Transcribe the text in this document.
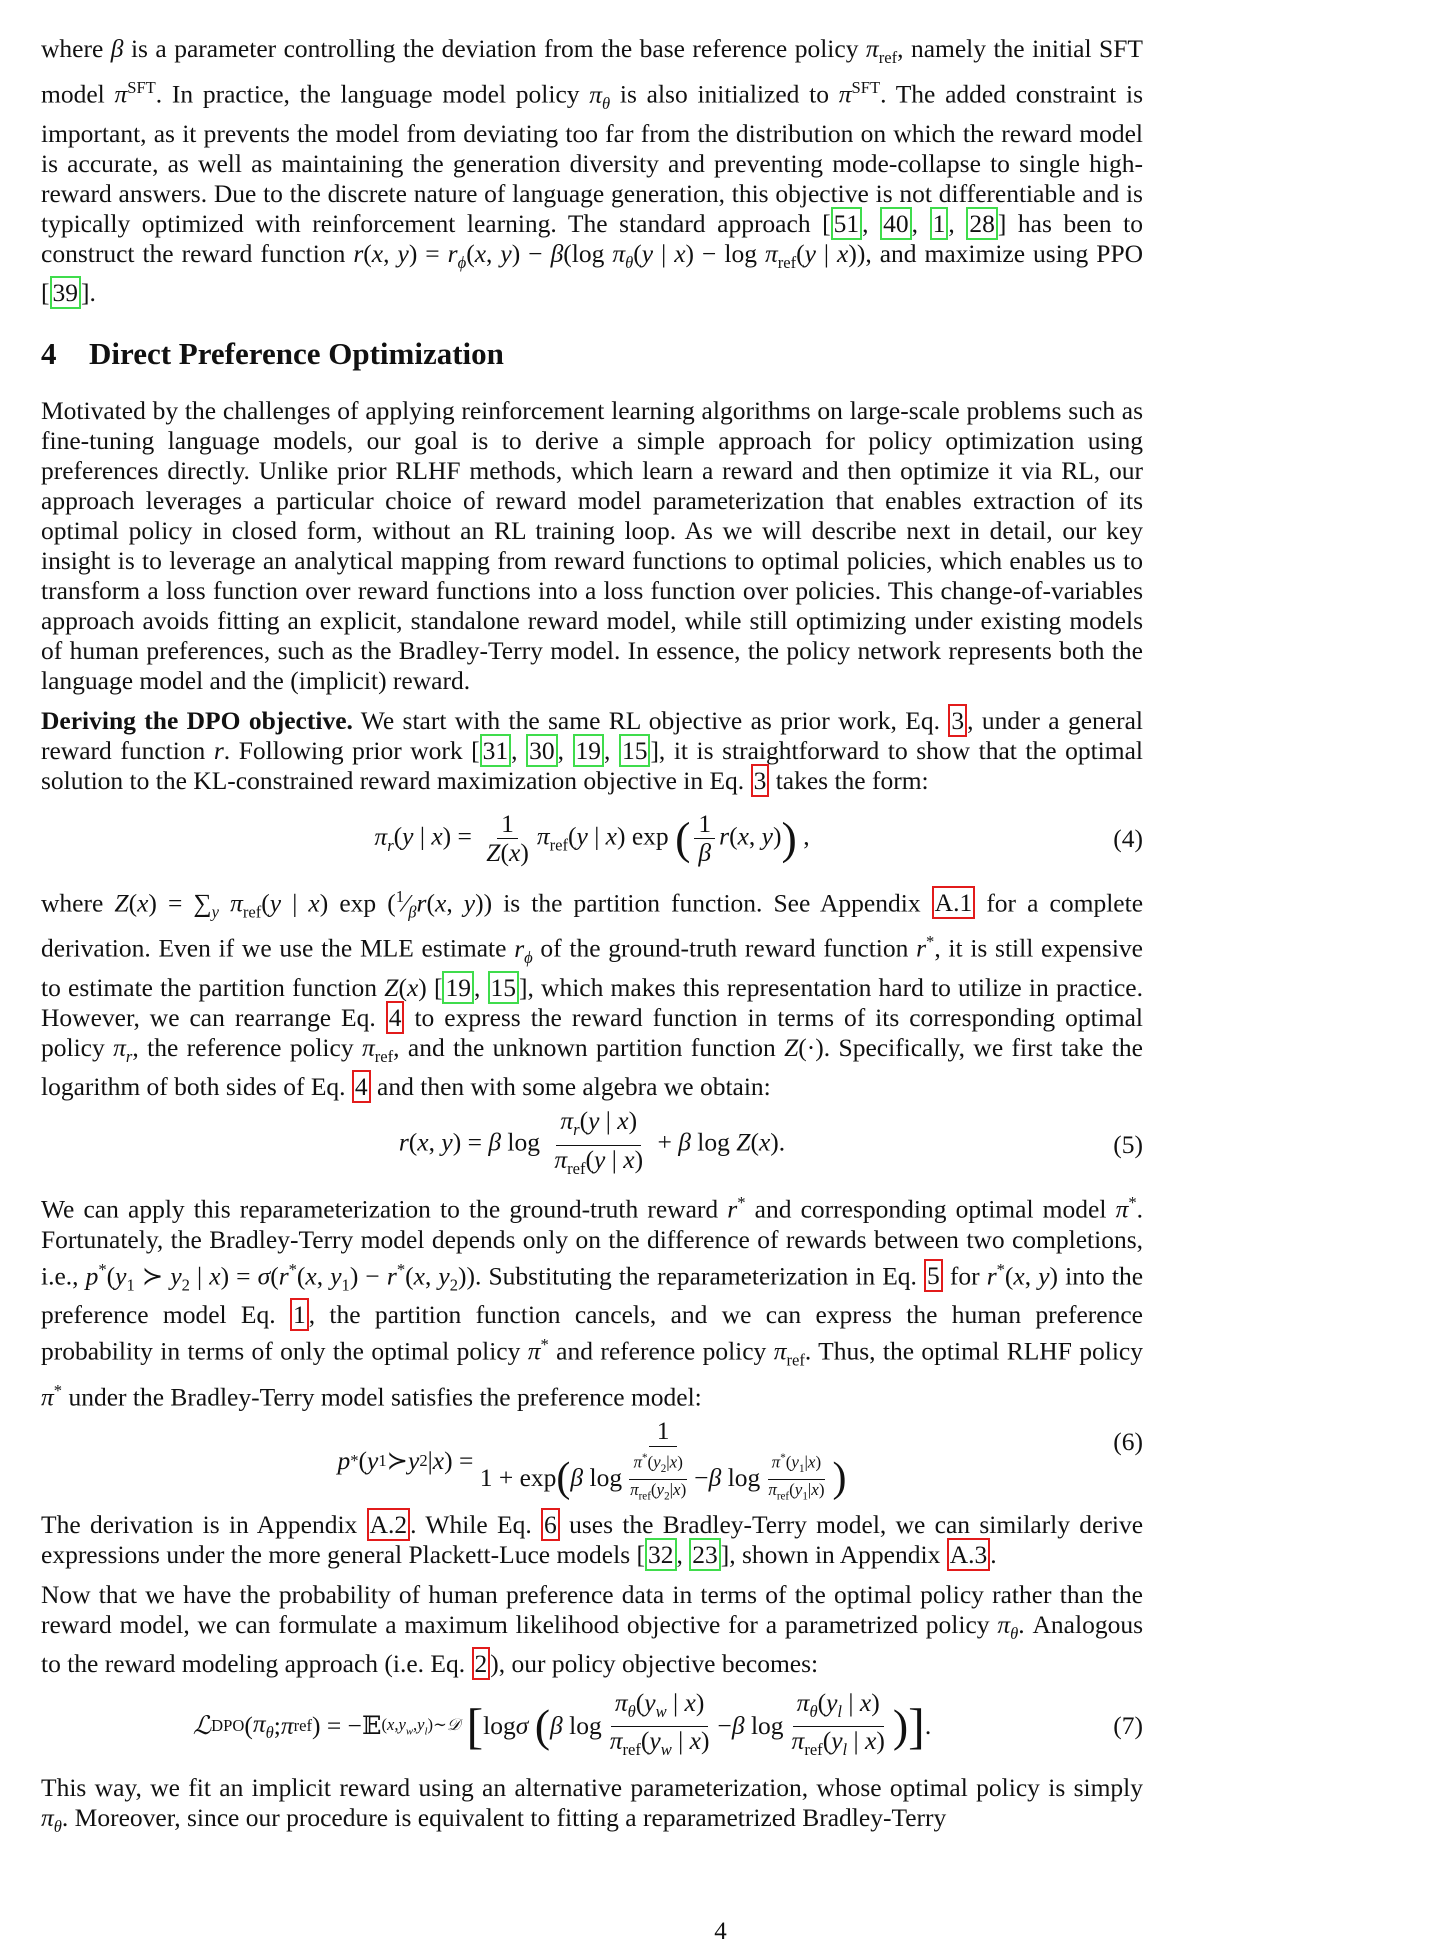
where β is a parameter controlling the deviation from the base reference policy $\pi_{ref}$, namely the initial SFT model $\pi^{SFT}$. In practice, the language model policy $\pi_\theta$ is also initialized to $\pi^{SFT}$. The added constraint is important, as it prevents the model from deviating too far from the distribution on which the reward model is accurate, as well as maintaining the generation diversity and preventing mode-collapse to single high-reward answers. Due to the discrete nature of language generation, this objective is not differentiable and is typically optimized with reinforcement learning. The standard approach [ 51 , 40 , 1 , 28 ] has been to construct the reward function r(x, $y) = r_\phi(x$, y) − β(log $\pi_\theta(y$ | $x) - \log \pi_{ref}(y$ | x)), and maximize using PPO [ 39 ].

4 Direct Preference Optimization

Motivated by the challenges of applying reinforcement learning algorithms on large-scale problems such as fine-tuning language models, our goal is to derive a simple approach for policy optimization using preferences directly. Unlike prior RLHF methods, which learn a reward and then optimize it via RL, our approach leverages a particular choice of reward model parameterization that enables extraction of its optimal policy in closed form, without an RL training loop. As we will describe next in detail, our key insight is to leverage an analytical mapping from reward functions to optimal policies, which enables us to transform a loss function over reward functions into a loss function over policies. This change-of-variables approach avoids fitting an explicit, standalone reward model, while still optimizing under existing models of human preferences, such as the Bradley-Terry model. In essence, the policy network represents both the language model and the (implicit) reward.

Deriving the DPO objective. We start with the same RL objective as prior work, Eq. 3 , under a general reward function r. Following prior work [ 31 , 30 , 19 , 15 ], it is straightforward to show that the optimal solution to the KL-constrained reward maximization objective in Eq. 3 takes the form:

$\pi_r(y$ | $x) = \frac{1}{Z(x)} \pi_{ref}(y$ | x) exp ( $\frac{1}{\beta} r(x$, y)) ,	(4)

where $Z(x) = \sum_y$ $\pi_{ref}(y$ | x) $\exp (^1⁄_\beta r(x$, y)) is the partition function. See Appendix A.1 for a complete derivation. Even if we use the MLE estimate $r_\phi$ of the ground-truth reward function r*, it is still expensive to estimate the partition function Z(x) [ 19 , 15 ], which makes this representation hard to utilize in practice. However, we can rearrange Eq. 4 to express the reward function in terms of its corresponding optimal policy $\pi_r$, the reference policy $\pi_{ref}$, and the unknown partition function Z(·). Specifically, we first take the logarithm of both sides of Eq. 4 and then with some algebra we obtain:

r(x, y) = β $\log \frac{\pi_r(y | x)}{\pi_{ref}(y | x)} + \beta$ log Z(x).	(5)

We can apply this reparameterization to the ground-truth reward r* and corresponding optimal model π*. Fortunately, the Bradley-Terry model depends only on the difference of rewards between two completions, i.e., $p^*(y_1$ ≻ $y_2$ | x) = σ(r*(x, $y_1) - r^*(x$, $y_2$)). Substituting the reparameterization in Eq. 5 for r*(x, y) into the preference model Eq. 1 , the partition function cancels, and we can express the human preference probability in terms of only the optimal policy π* and reference policy $\pi_{ref}$. Thus, the optimal RLHF policy π* under the Bradley-Terry model satisfies the preference model:

p * ( y 1 ≻ y 2 | x ) =
1
1 + exp ( β $\log \frac{\pi^*(y_2|x)}{\pi_{ref}(y_2|x)} - \beta$ $\log \frac{\pi^*(y_1|x)}{\pi_{ref}(y_1|x)}$ )
(6)

The derivation is in Appendix A.2 . While Eq. 6 uses the Bradley-Terry model, we can similarly derive expressions under the more general Plackett-Luce models [ 32 , 23 ], shown in Appendix A.3 .

Now that we have the probability of human preference data in terms of the optimal policy rather than the reward model, we can formulate a maximum likelihood objective for a parametrized policy $\pi_\theta$. Analogous to the reward modeling approach (i.e. Eq. 2 ), our policy objective becomes:

ℒ DPO ( $\pi_\theta$ ; π ref ) = −𝔼 $(x,y_w,y_l)\sim 𝒟$
[ log σ
( β $\log \frac{\pi_\theta(y_w | x)}{\pi_{ref}(y_w | x)} - \beta$ $\log \frac{\pi_\theta(y_l | x)}{\pi_{ref}(y_l | x)}$ ) ] .	(7)

This way, we fit an implicit reward using an alternative parameterization, whose optimal policy is simply $\pi_\theta$. Moreover, since our procedure is equivalent to fitting a reparametrized Bradley-Terry

4
